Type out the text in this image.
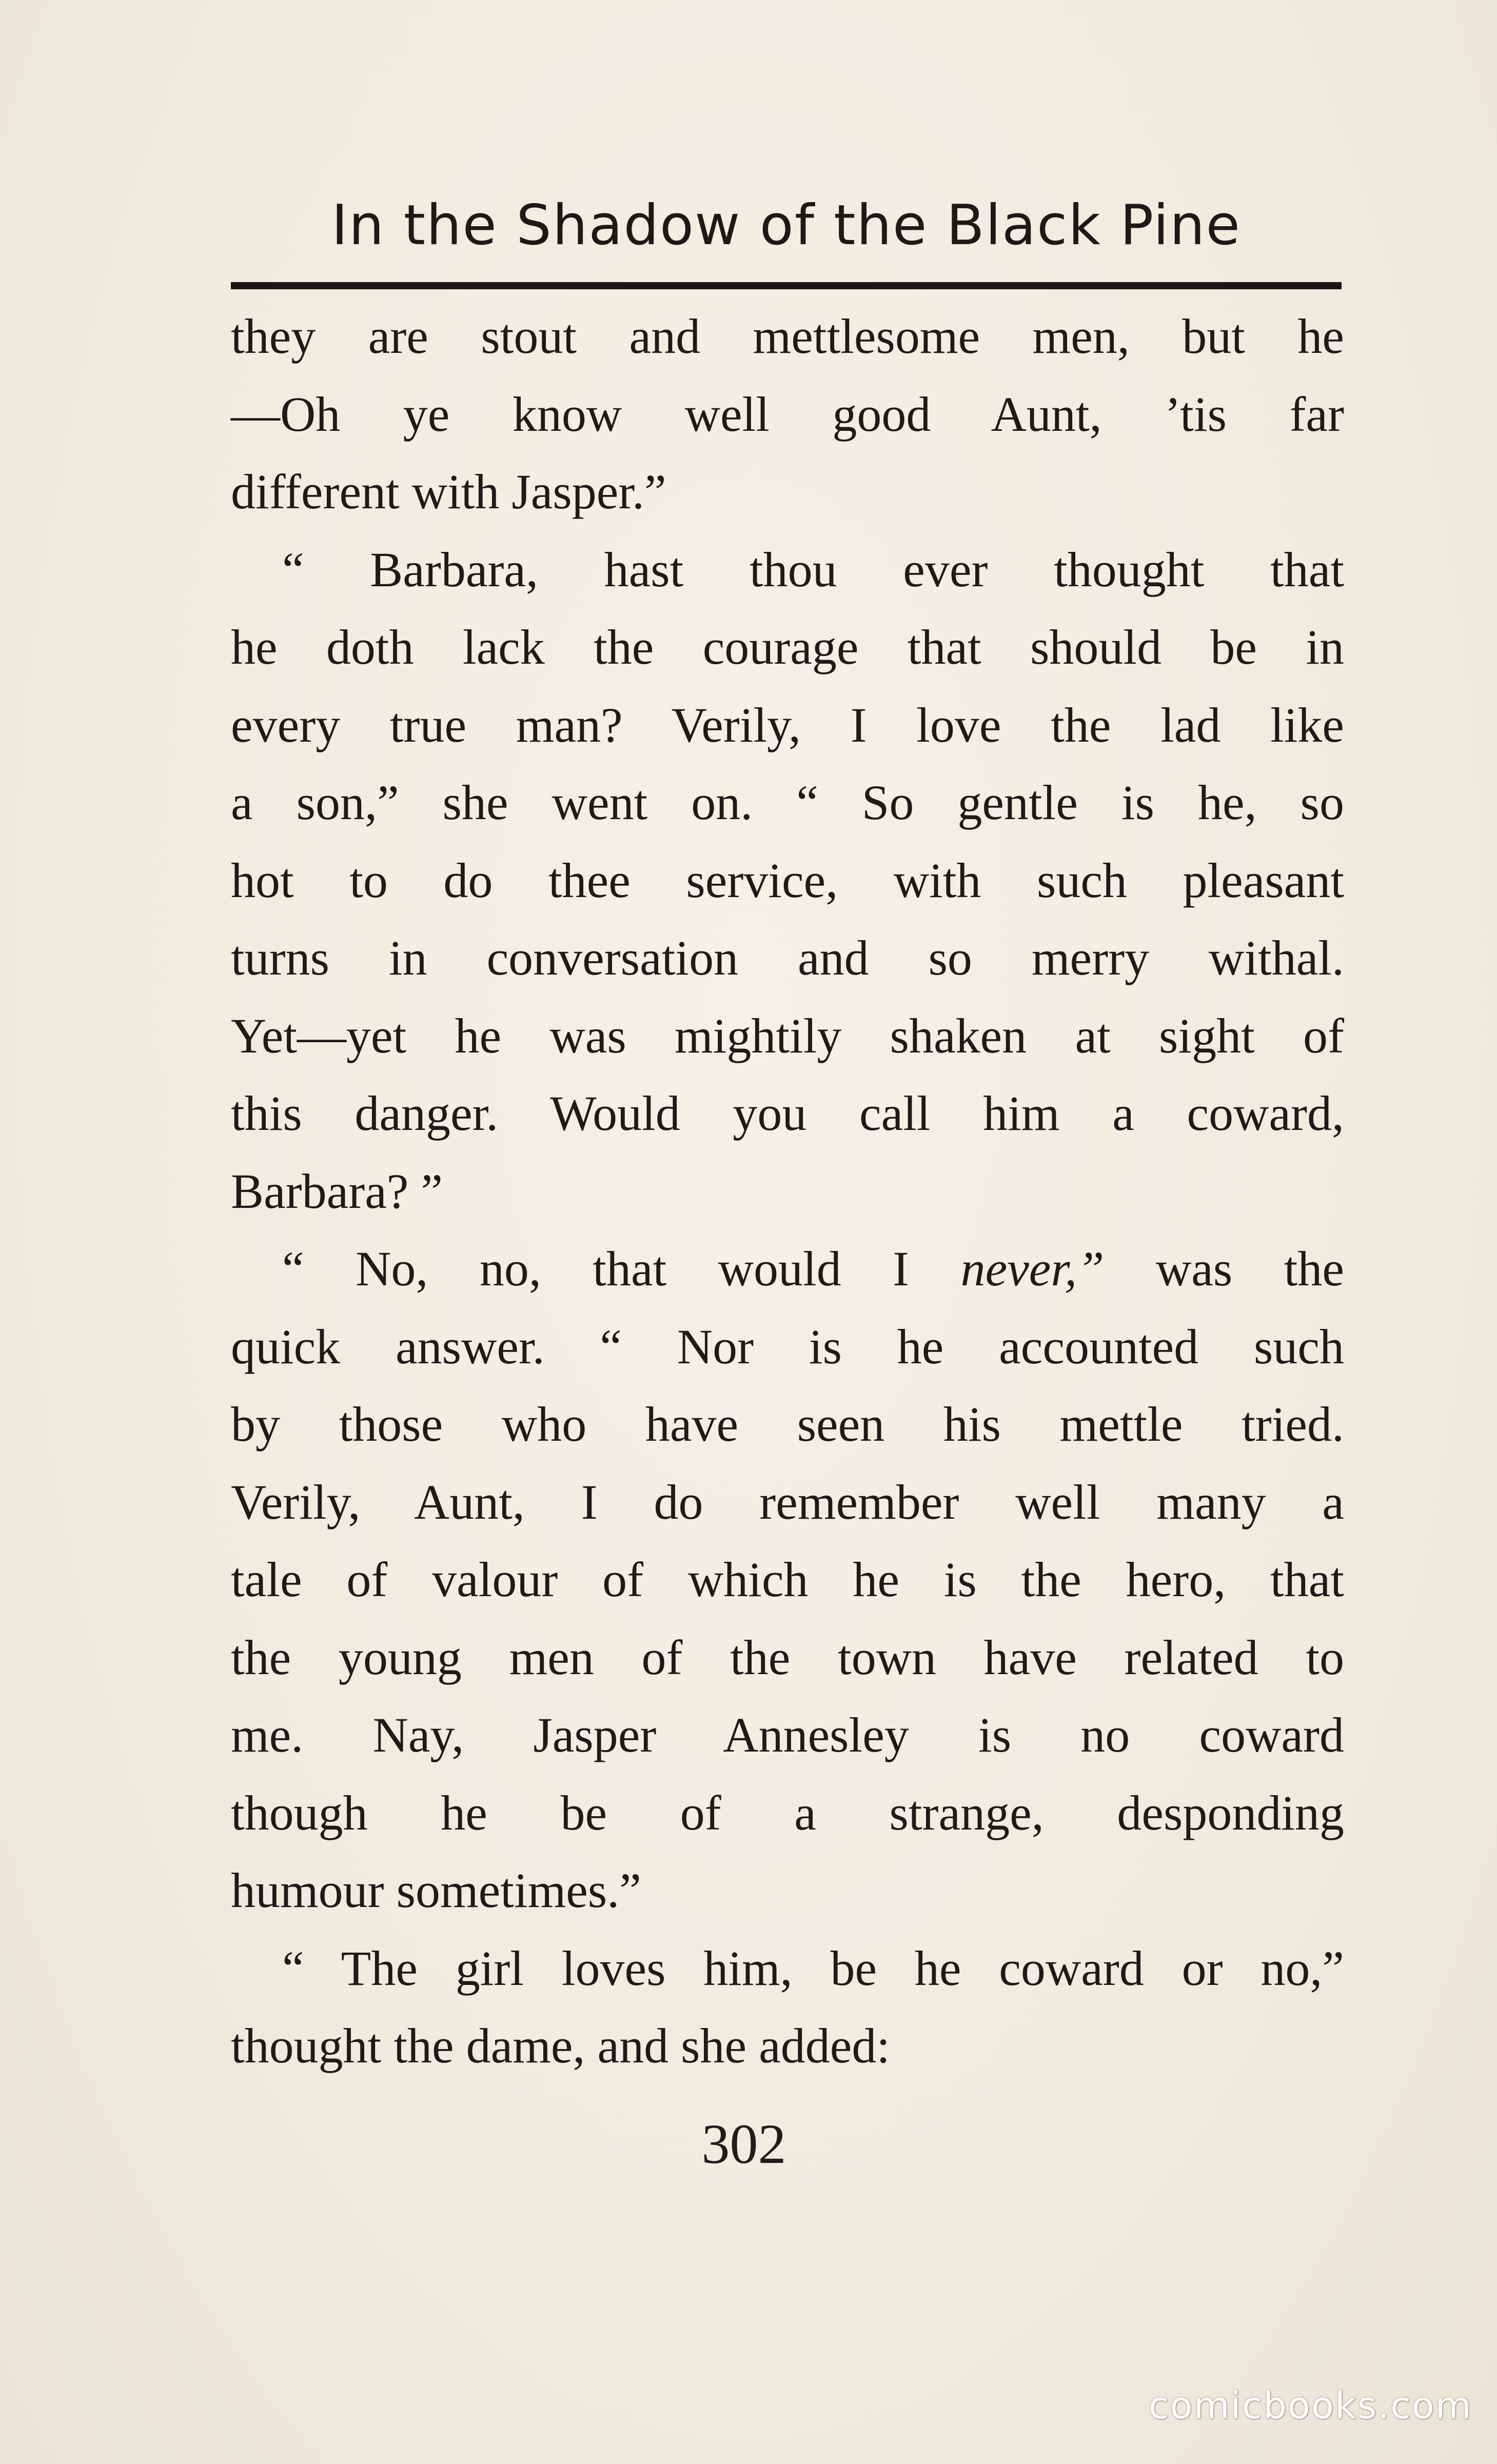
In the Shadow of the Black Pine
they are stout and mettlesome men, but he
—Oh ye know well good Aunt, ’tis far
different with Jasper.”
“ Barbara, hast thou ever thought that
he doth lack the courage that should be in
every true man? Verily, I love the lad like
a son,” she went on. “ So gentle is he, so
hot to do thee service, with such pleasant
turns in conversation and so merry withal.
Yet—yet he was mightily shaken at sight of
this danger. Would you call him a coward,
Barbara? ”
“ No, no, that would I never,” was the
quick answer. “ Nor is he accounted such
by those who have seen his mettle tried.
Verily, Aunt, I do remember well many a
tale of valour of which he is the hero, that
the young men of the town have related to
me. Nay, Jasper Annesley is no coward
though he be of a strange, desponding
humour sometimes.”
“ The girl loves him, be he coward or no,”
thought the dame, and she added:
302
comicbooks.com
